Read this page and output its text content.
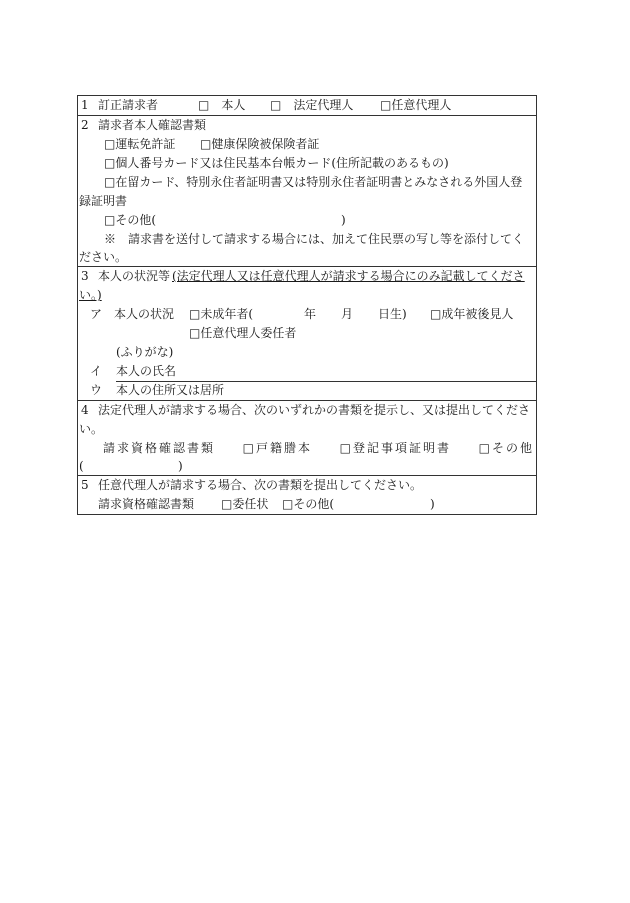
1 訂正請求者	□　本人 □　法定代理人 □任意代理人
2 請求者本人確認書類
□運転免許証 □健康保険被保険者証
□個人番号カード又は住民基本台帳カード(住所記載のあるもの)
□在留カード、特別永住者証明書又は特別永住者証明書とみなされる外国人登
録証明書
□その他(	)
※　請求書を送付して請求する場合には、加えて住民票の写し等を添付してく
ださい。
3 本人の状況等 (法定代理人又は任意代理人が請求する場合にのみ記載してくださ
い。)
ア　本人の状況 □未成年者(	年 月 日生) □成年被後見人
□任意代理人委任者
(ふりがな)
イ 本人の氏名
ウ 本人の住所又は居所
4 法定代理人が請求する場合、次のいずれかの書類を提示し、又は提出してくださ
い。
請求資格確認書類 □戸籍謄本 □登記事項証明書 □その他
(	)
5 任意代理人が請求する場合、次の書類を提出してください。
請求資格確認書類 □委任状 □その他(	)
